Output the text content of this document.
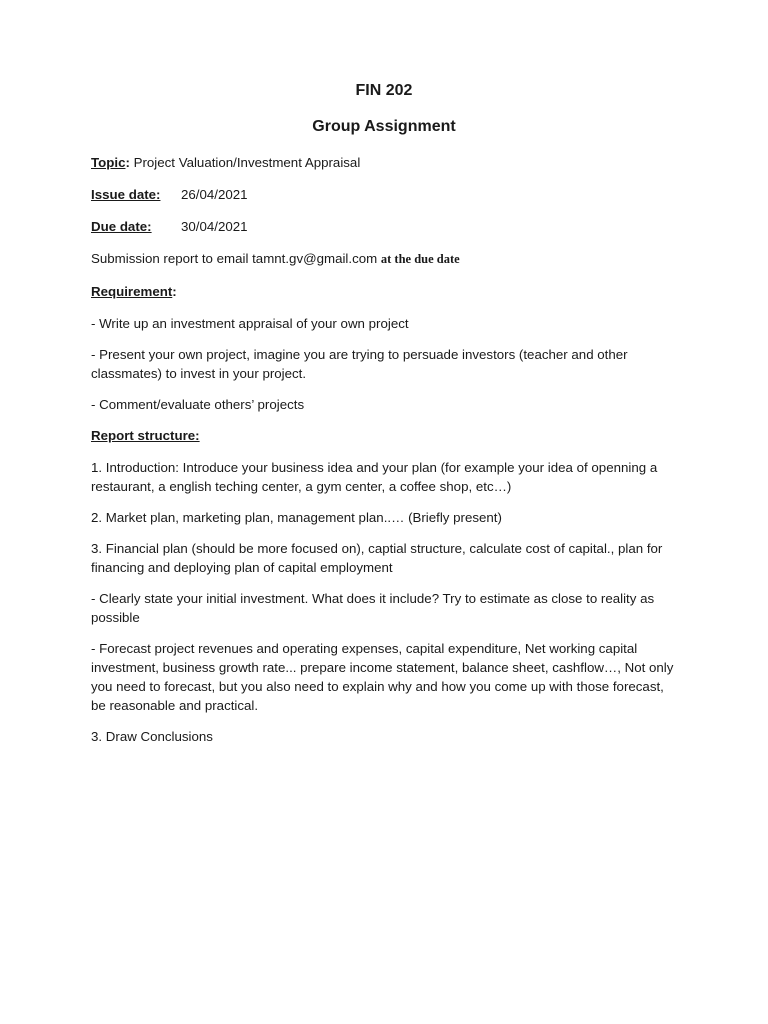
FIN 202
Group Assignment
Topic: Project Valuation/Investment Appraisal
Issue date: 26/04/2021
Due date: 30/04/2021
Submission report to email tamnt.gv@gmail.com at the due date
Requirement:
- Write up an investment appraisal of your own project
- Present your own project, imagine you are trying to persuade investors (teacher and other classmates) to invest in your project.
- Comment/evaluate others’ projects
Report structure:
1. Introduction: Introduce your business idea and your plan (for example your idea of openning a restaurant, a english teching center, a gym center, a coffee shop, etc…)
2. Market plan, marketing plan, management plan..… (Briefly present)
3. Financial plan (should be more focused on), captial structure, calculate cost of capital., plan for financing and deploying plan of capital employment
- Clearly state your initial investment. What does it include? Try to estimate as close to reality as possible
- Forecast project revenues and operating expenses, capital expenditure, Net working capital investment, business growth rate... prepare income statement, balance sheet, cashflow…, Not only you need to forecast, but you also need to explain why and how you come up with those forecast, be reasonable and practical.
3. Draw Conclusions
